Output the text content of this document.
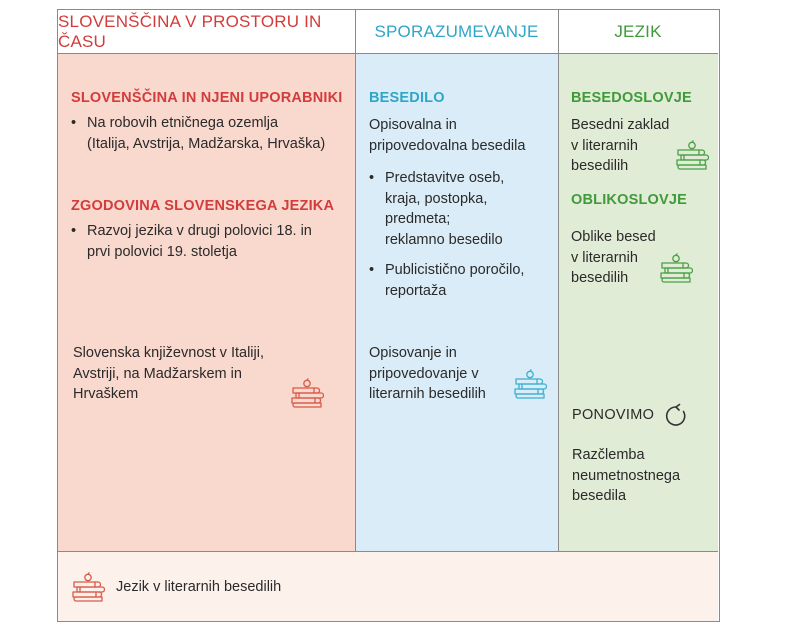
SLOVENŠČINA V PROSTORU IN ČASU
SLOVENŠČINA IN NJENI UPORABNIKI
• Na robovih etničnega ozemlja
(Italija, Avstrija, Madžarska, Hrvaška)
ZGODOVINA SLOVENSKEGA JEZIKA
• Razvoj jezika v drugi polovici 18. in
prvi polovici 19. stoletja
Slovenska književnost v Italiji,
Avstriji, na Madžarskem in
Hrvaškem
SPORAZUMEVANJE
BESEDILO
Opisovalna in
pripovedovalna besedila
• Predstavitve oseb,
kraja, postopka,
predmeta;
reklamno besedilo
• Publicistično poročilo,
reportaža
Opisovanje in
pripovedovanje v
literarnih besedilih
JEZIK
BESEDOSLOVJE
Besedni zaklad
v literarnih
besedilih
OBLIKOSLOVJE
Oblike besed
v literarnih
besedilih
PONOVIMO
Razčlemba
neumetnostnega
besedila
Jezik v literarnih besedilih
